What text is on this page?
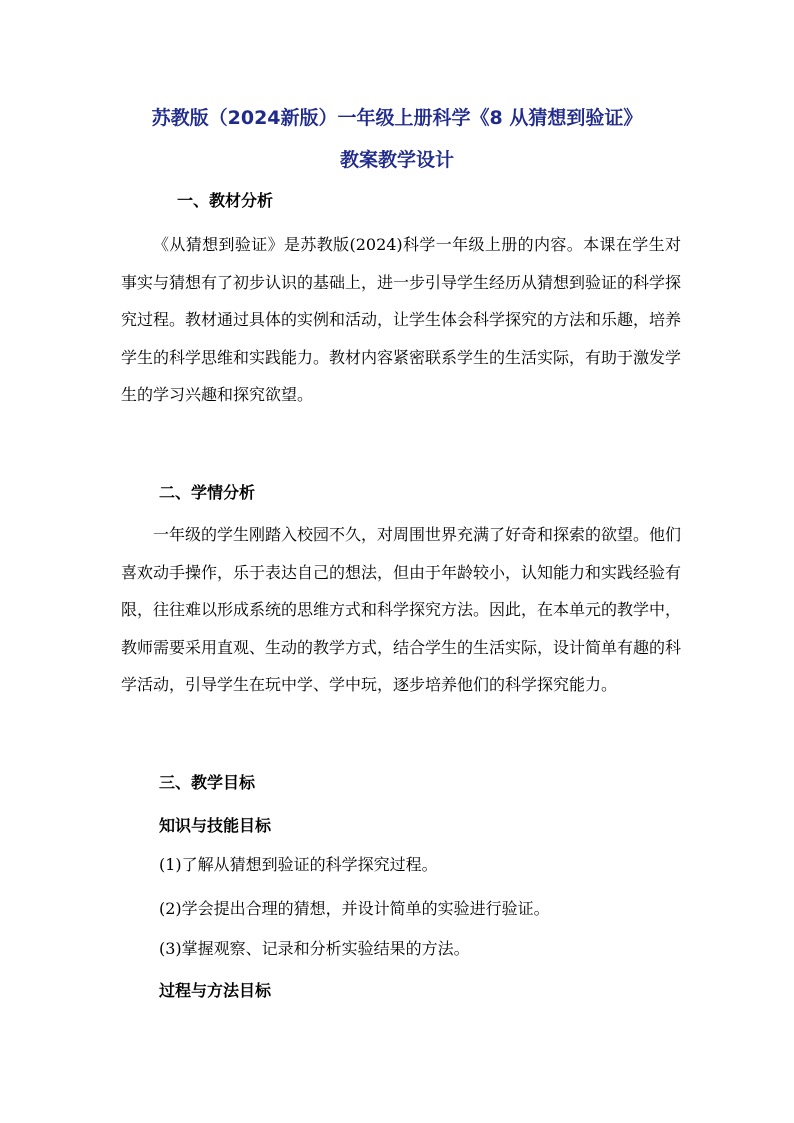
苏教版（2024新版）一年级上册科学《8 从猜想到验证》
教案教学设计
一、教材分析
《从猜想到验证》是苏教版(2024)科学一年级上册的内容。本课在学生对事实与猜想有了初步认识的基础上，进一步引导学生经历从猜想到验证的科学探究过程。教材通过具体的实例和活动，让学生体会科学探究的方法和乐趣，培养学生的科学思维和实践能力。教材内容紧密联系学生的生活实际，有助于激发学生的学习兴趣和探究欲望。
二、学情分析
一年级的学生刚踏入校园不久，对周围世界充满了好奇和探索的欲望。他们喜欢动手操作，乐于表达自己的想法，但由于年龄较小，认知能力和实践经验有限，往往难以形成系统的思维方式和科学探究方法。因此，在本单元的教学中，教师需要采用直观、生动的教学方式，结合学生的生活实际，设计简单有趣的科学活动，引导学生在玩中学、学中玩，逐步培养他们的科学探究能力。
三、教学目标
知识与技能目标
(1)了解从猜想到验证的科学探究过程。
(2)学会提出合理的猜想，并设计简单的实验进行验证。
(3)掌握观察、记录和分析实验结果的方法。
过程与方法目标
